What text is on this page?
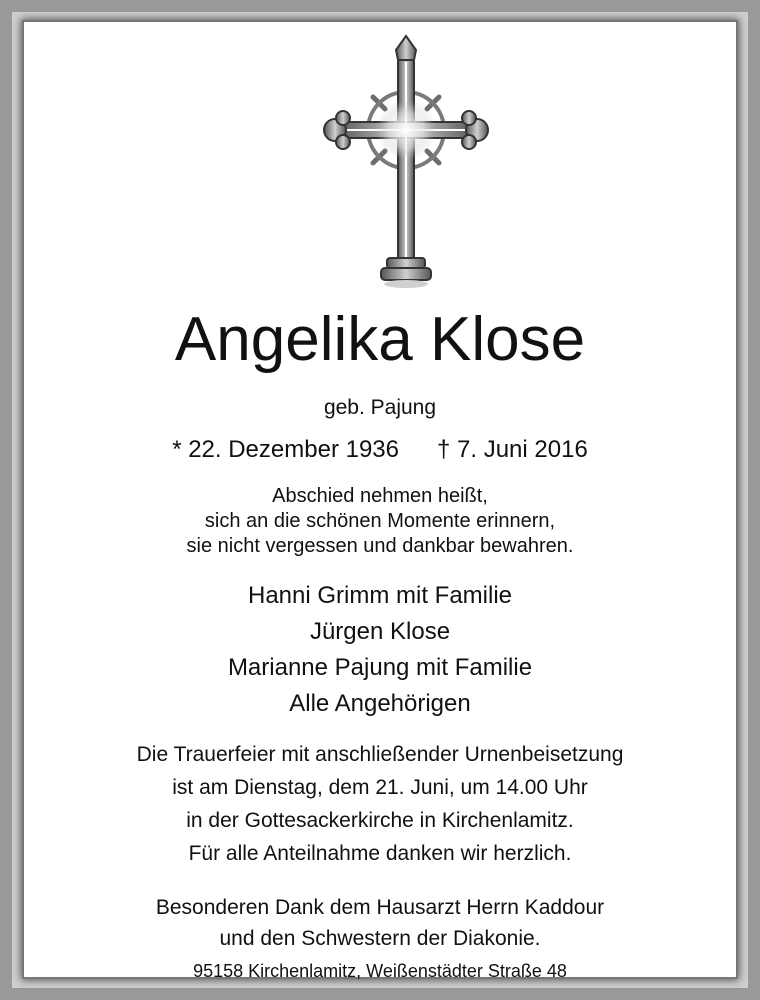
Angelika Klose
geb. Pajung
* 22. Dezember 1936 † 7. Juni 2016
Abschied nehmen heißt,
sich an die schönen Momente erinnern,
sie nicht vergessen und dankbar bewahren.
Hanni Grimm mit Familie
Jürgen Klose
Marianne Pajung mit Familie
Alle Angehörigen
Die Trauerfeier mit anschließender Urnenbeisetzung
ist am Dienstag, dem 21. Juni, um 14.00 Uhr
in der Gottesackerkirche in Kirchenlamitz.
Für alle Anteilnahme danken wir herzlich.
Besonderen Dank dem Hausarzt Herrn Kaddour
und den Schwestern der Diakonie.
95158 Kirchenlamitz, Weißenstädter Straße 48
